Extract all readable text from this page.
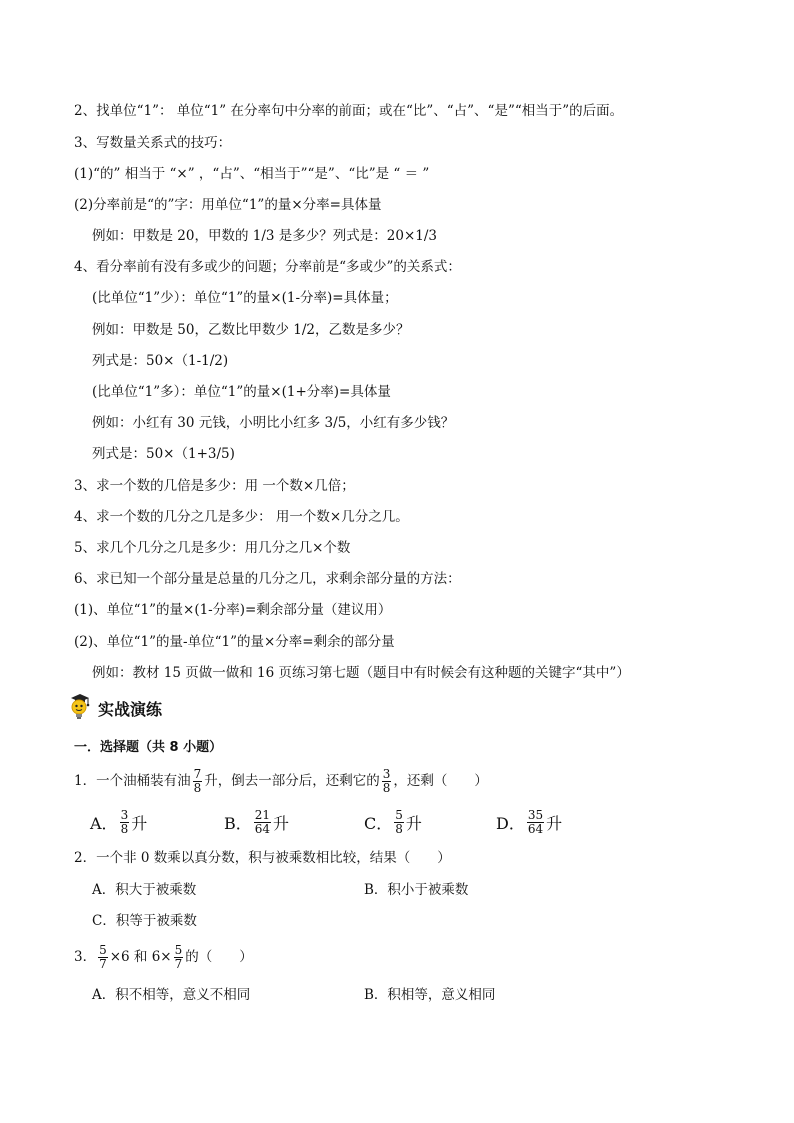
2、找单位“1”： 单位“1” 在分率句中分率的前面；或在“比”、“占”、“是”“相当于”的后面。
3、写数量关系式的技巧：
(1)“的” 相当于 “×” ，“占”、“相当于”“是”、“比”是 “ ＝ ”
(2)分率前是“的”字：用单位“1”的量×分率=具体量
例如：甲数是 20，甲数的 1/3 是多少？列式是：20×1/3
4、看分率前有没有多或少的问题；分率前是“多或少”的关系式：
(比单位“1”少）：单位“1”的量×(1-分率)=具体量；
例如：甲数是 50，乙数比甲数少 1/2，乙数是多少？
列式是：50×（1-1/2)
(比单位“1”多）：单位“1”的量×(1+分率)=具体量
例如：小红有 30 元钱，小明比小红多 3/5，小红有多少钱？
列式是：50×（1+3/5)
3、求一个数的几倍是多少：用 一个数×几倍；
4、求一个数的几分之几是多少： 用一个数×几分之几。
5、求几个几分之几是多少：用几分之几×个数
6、求已知一个部分量是总量的几分之几，求剩余部分量的方法：
(1)、单位“1”的量×(1-分率)=剩余部分量（建议用）
(2)、单位“1”的量-单位“1”的量×分率=剩余的部分量
例如：教材 15 页做一做和 16 页练习第七题（题目中有时候会有这种题的关键字“其中”）
实战演练
一．选择题（共 8 小题）
1． 一个油桶装有油 $\frac{7}{8}$ 升，倒去一部分后，还剩它的 $\frac{3}{8}$ ，还剩（　　）
A． $\frac{3}{8}$ 升	B． $\frac{21}{64}$ 升	C． $\frac{5}{8}$ 升	D． $\frac{35}{64}$ 升
2．一个非 0 数乘以真分数，积与被乘数相比较，结果（　　）
A．积大于被乘数	B．积小于被乘数
C．积等于被乘数
3． $\frac{5}{7} \times 6$ 和 $6\times \frac{5}{7}$ 的（　　）
A．积不相等，意义不相同	B．积相等，意义相同
